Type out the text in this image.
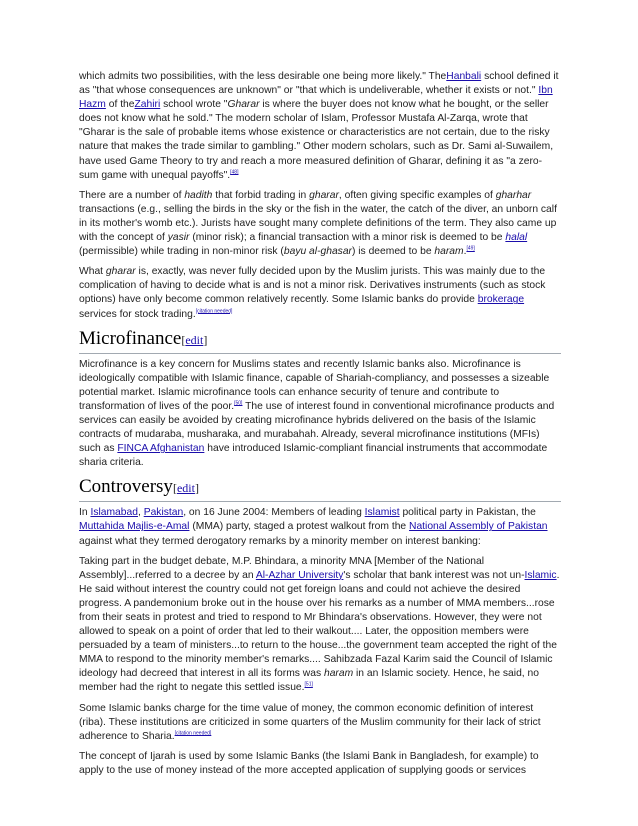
which admits two possibilities, with the less desirable one being more likely." TheHanbali school defined it as "that whose consequences are unknown" or "that which is undeliverable, whether it exists or not." Ibn Hazm of theZahiri school wrote "Gharar is where the buyer does not know what he bought, or the seller does not know what he sold." The modern scholar of Islam, Professor Mustafa Al-Zarqa, wrote that "Gharar is the sale of probable items whose existence or characteristics are not certain, due to the risky nature that makes the trade similar to gambling." Other modern scholars, such as Dr. Sami al-Suwailem, have used Game Theory to try and reach a more measured definition of Gharar, defining it as "a zero-sum game with unequal payoffs".[48]

There are a number of hadith that forbid trading in gharar, often giving specific examples of gharhar transactions (e.g., selling the birds in the sky or the fish in the water, the catch of the diver, an unborn calf in its mother's womb etc.). Jurists have sought many complete definitions of the term. They also came up with the concept of yasir (minor risk); a financial transaction with a minor risk is deemed to be halal (permissible) while trading in non-minor risk (bayu al-ghasar) is deemed to be haram.[49]

What gharar is, exactly, was never fully decided upon by the Muslim jurists. This was mainly due to the complication of having to decide what is and is not a minor risk. Derivatives instruments (such as stock options) have only become common relatively recently. Some Islamic banks do provide brokerage services for stock trading.[citation needed]

Microfinance[edit]

Microfinance is a key concern for Muslims states and recently Islamic banks also. Microfinance is ideologically compatible with Islamic finance, capable of Shariah-compliancy, and possesses a sizeable potential market. Islamic microfinance tools can enhance security of tenure and contribute to transformation of lives of the poor.[50] The use of interest found in conventional microfinance products and services can easily be avoided by creating microfinance hybrids delivered on the basis of the Islamic contracts of mudaraba, musharaka, and murabahah. Already, several microfinance institutions (MFIs) such as FINCA Afghanistan have introduced Islamic-compliant financial instruments that accommodate sharia criteria.

Controversy[edit]

In Islamabad, Pakistan, on 16 June 2004: Members of leading Islamist political party in Pakistan, the Muttahida Majlis-e-Amal (MMA) party, staged a protest walkout from the National Assembly of Pakistan against what they termed derogatory remarks by a minority member on interest banking:

Taking part in the budget debate, M.P. Bhindara, a minority MNA [Member of the National Assembly]...referred to a decree by an Al-Azhar University's scholar that bank interest was not un-Islamic. He said without interest the country could not get foreign loans and could not achieve the desired progress. A pandemonium broke out in the house over his remarks as a number of MMA members...rose from their seats in protest and tried to respond to Mr Bhindara's observations. However, they were not allowed to speak on a point of order that led to their walkout.... Later, the opposition members were persuaded by a team of ministers...to return to the house...the government team accepted the right of the MMA to respond to the minority member's remarks.... Sahibzada Fazal Karim said the Council of Islamic ideology had decreed that interest in all its forms was haram in an Islamic society. Hence, he said, no member had the right to negate this settled issue.[51]

Some Islamic banks charge for the time value of money, the common economic definition of interest (riba). These institutions are criticized in some quarters of the Muslim community for their lack of strict adherence to Sharia.[citation needed]

The concept of Ijarah is used by some Islamic Banks (the Islami Bank in Bangladesh, for example) to apply to the use of money instead of the more accepted application of supplying goods or services
